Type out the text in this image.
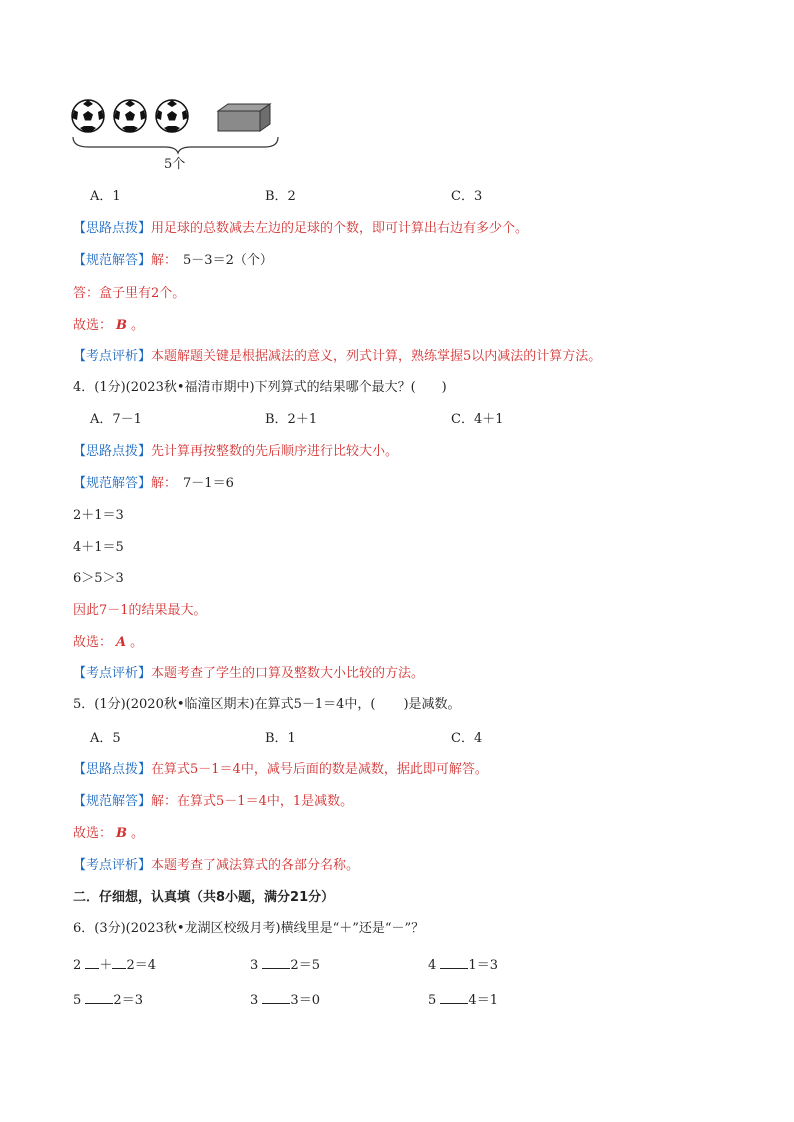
5个
A．1	B．2	C．3
【思路点拨】用足球的总数减去左边的足球的个数，即可计算出右边有多少个。
【规范解答】解： 5－3＝2（个）
答：盒子里有2个。
故选： B 。
【考点评析】本题解题关键是根据减法的意义，列式计算，熟练掌握5以内减法的计算方法。
4．(1分)(2023秋•福清市期中)下列算式的结果哪个最大？(　　)
A．7－1	B．2＋1	C．4＋1
【思路点拨】先计算再按整数的先后顺序进行比较大小。
【规范解答】解： 7－1＝6
2＋1＝3
4＋1＝5
6＞5＞3
因此7－1的结果最大。
故选： A 。
【考点评析】本题考查了学生的口算及整数大小比较的方法。
5．(1分)(2020秋•临潼区期末)在算式5－1＝4中，( )是减数。
A．5	B．1	C．4
【思路点拨】在算式5－1＝4中，减号后面的数是减数，据此即可解答。
【规范解答】解：在算式5－1＝4中，1是减数。
故选： B 。
【考点评析】本题考查了减法算式的各部分名称。
二．仔细想，认真填（共8小题，满分21分）
6．(3分)(2023秋•龙湖区校级月考)横线里是“＋”还是“－”？
2 ＋ 2＝4	3 2＝5	4 1＝3
5 2＝3	3 3＝0	5 4＝1
